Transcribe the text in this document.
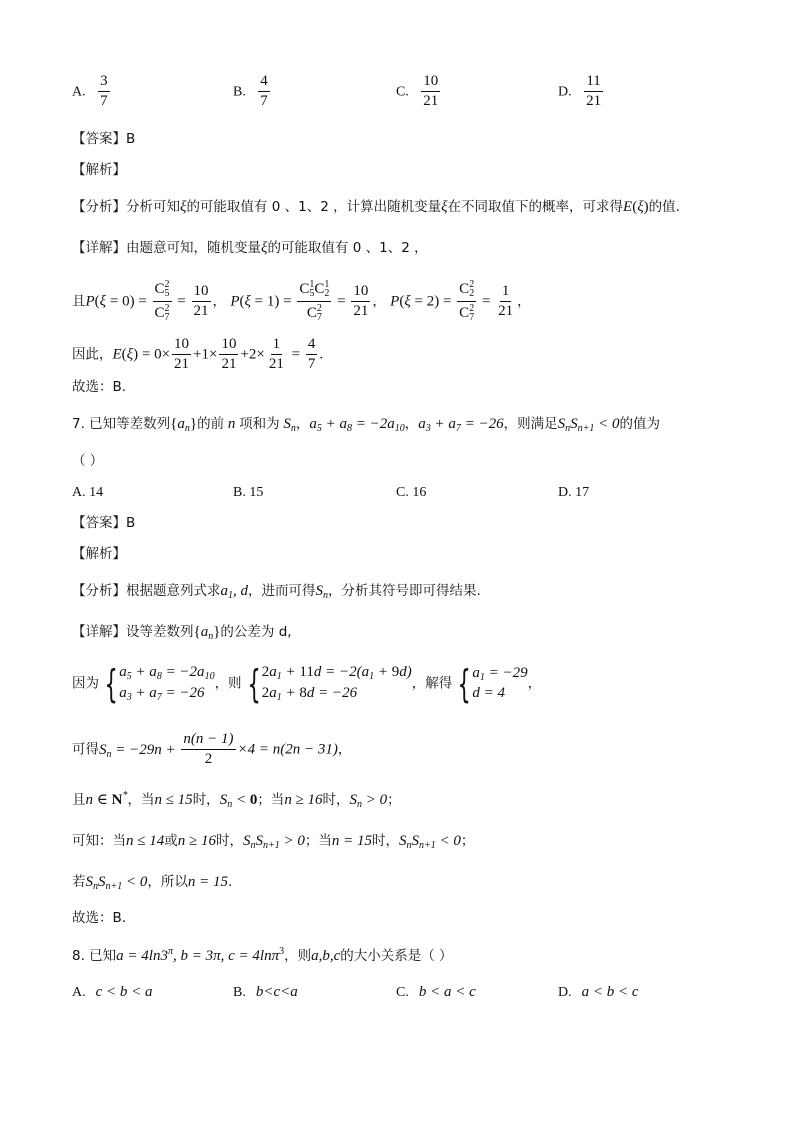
A. $\frac{3}{7}$	B. $\frac{4}{7}$	C. $\frac{10}{21}$	D. $\frac{11}{21}$
【答案】B
【解析】
【分析】分析可知ξ的可能取值有 0 、1、2 ，计算出随机变量ξ在不同取值下的概率，可求得E(ξ)的值.
【详解】由题意可知，随机变量ξ的可能取值有 0 、1、2 ，
且$P(\xi = 0) = \frac{C^2_5}{C^2_7} = \frac{10}{21}$ ， $P(\xi = 1) = \frac{C^1_5C^1_2}{C^2_7} = \frac{10}{21}$ ， $P(\xi = 2) = \frac{C^2_2}{C^2_7} = \frac{1}{21}$ ，
因此，$E(\xi) = 0\times \frac{10}{21} +1\times \frac{10}{21} +2\times \frac{1}{21} = \frac{4}{7}$ .
故选：B.
7. 已知等差数列$\{a_n\}$的前 n 项和为 $S_n$，$a_5 + a_8 = -2a_{10}$，$a_3 + a_7 = -26$，则满足$S_nS_{n+1} < 0$的值为
（ ）
A. 14	B. 15	C. 16	D. 17
【答案】B
【解析】
【分析】根据题意列式求$a_1$, d，进而可得$S_n$，分析其符号即可得结果.
【详解】设等差数列$\{a_n\}$的公差为 d,
因为 { $a_5 + a_8 = -2a_{10}$
$a_3 + a_7 = -26$
，则 { $2a_1 + 11d = -2(a_1 + 9d)$
$2a_1 + 8d = -26$
，解得 { $a_1 = -29$
d = 4
，
可得$S_n = -29n + \frac{n(n - 1)}{2} \times 4 = n(2n - 31)$，
且n ∈ N*，当n ≤ 15时，$S_n < 0$；当n ≥ 16时，$S_n > 0$；
可知：当n ≤ 14或n ≥ 16时，$S_nS_{n+1} > 0$；当n = 15时，$S_nS_{n+1} < 0$；
若$S_nS_{n+1} < 0$，所以n = 15.
故选：B.
8. 已知$a = 4\ln 3^\pi$, b = 3π, c = 4lnπ$^3$，则a,b,c的大小关系是（ ）
A. c < b < a	B. b<c<a	C. b < a < c	D. a < b < c
